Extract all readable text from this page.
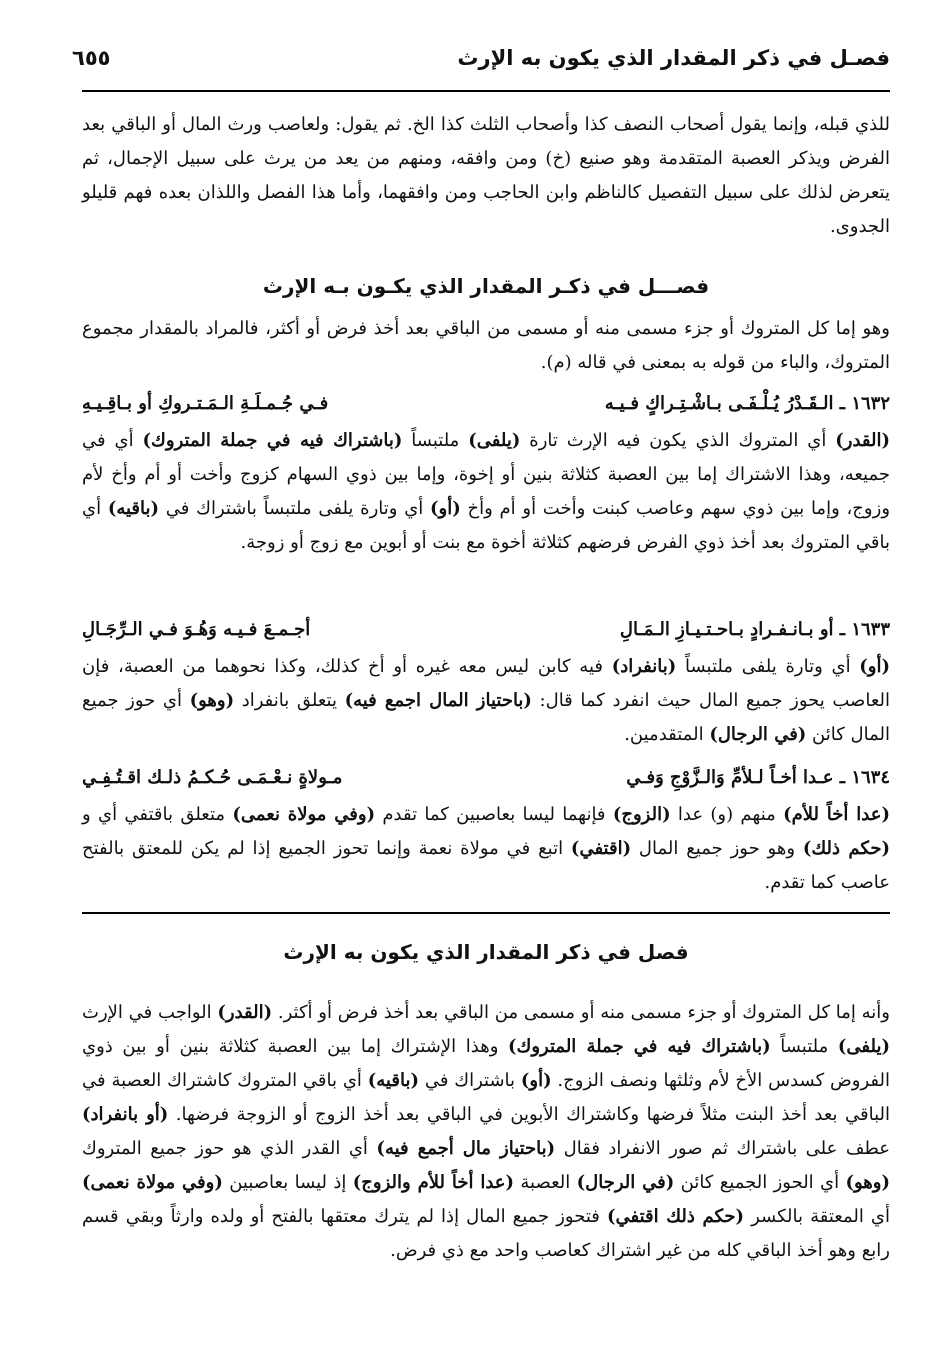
فصـل في ذكر المقدار الذي يكون به الإرث
٦٥٥

للذي قبله، وإنما يقول أصحاب النصف كذا وأصحاب الثلث كذا الخ. ثم يقول: ولعاصب ورث المال أو الباقي بعد الفرض ويذكر العصبة المتقدمة وهو صنيع (خ) ومن وافقه، ومنهم من يعد من يرث على سبيل الإجمال، ثم يتعرض لذلك على سبيل التفصيل كالناظم وابن الحاجب ومن وافقهما، وأما هذا الفصل واللذان بعده فهم قليلو الجدوى.

فصـــل في ذكـر المقدار الذي يكـون بـه الإرث

وهو إما كل المتروك أو جزء مسمى منه أو مسمى من الباقي بعد أخذ فرض أو أكثر، فالمراد بالمقدار مجموع المتروك، والباء من قوله به بمعنى في قاله (م).

١٦٣٢ ـ الـقَـدْرُ يُـلْـفَـى بـاشْـتِـراكٍ فـيـه
فـي جُـمـلَـةِ الـمَـتـروكِ أو بـاقِـيـهِ

(القدر) أي المتروك الذي يكون فيه الإرث تارة (يلفى) ملتبساً (باشتراك فيه في جملة المتروك) أي في جميعه، وهذا الاشتراك إما بين العصبة كثلاثة بنين أو إخوة، وإما بين ذوي السهام كزوج وأخت أو أم وأخ لأم وزوج، وإما بين ذوي سهم وعاصب كبنت وأخت أو أم وأخ (أو) أي وتارة يلفى ملتبساً باشتراك في (باقيه) أي باقي المتروك بعد أخذ ذوي الفرض فرضهم كثلاثة أخوة مع بنت أو أبوين مع زوج أو زوجة.

١٦٣٣ ـ أو بـانـفـرادٍ بـاحـتـيـازِ الـمَـالِ
أجـمـعَ فـيـه وَهُـوَ فـي الـرِّجَـالِ

(أو) أي وتارة يلفى ملتبساً (بانفراد) فيه كابن ليس معه غيره أو أخ كذلك، وكذا نحوهما من العصبة، فإن العاصب يحوز جميع المال حيث انفرد كما قال: (باحتياز المال اجمع فيه) يتعلق بانفراد (وهو) أي حوز جميع المال كائن (في الرجال) المتقدمين.

١٦٣٤ ـ عـدا أخـاً لـلأمِّ وَالـزَّوْجِ وَفـي
مـولاةٍ نـعْـمَـى حُـكـمُ ذلـك اقـتُـفِـي

(عدا أخاً للأم) منهم (و) عدا (الزوج) فإنهما ليسا بعاصبين كما تقدم (وفي مولاة نعمى) متعلق باقتفي أي و (حكم ذلك) وهو حوز جميع المال (اقتفي) اتبع في مولاة نعمة وإنما تحوز الجميع إذا لم يكن للمعتق بالفتح عاصب كما تقدم.

فصل في ذكر المقدار الذي يكون به الإرث

وأنه إما كل المتروك أو جزء مسمى منه أو مسمى من الباقي بعد أخذ فرض أو أكثر. (القدر) الواجب في الإرث (يلفى) ملتبساً (باشتراك فيه في جملة المتروك) وهذا الإشتراك إما بين العصبة كثلاثة بنين أو بين ذوي الفروض كسدس الأخ لأم وثلثها ونصف الزوج. (أو) باشتراك في (باقيه) أي باقي المتروك كاشتراك العصبة في الباقي بعد أخذ البنت مثلاً فرضها وكاشتراك الأبوين في الباقي بعد أخذ الزوج أو الزوجة فرضها. (أو بانفراد) عطف على باشتراك ثم صور الانفراد فقال (باحتياز مال أجمع فيه) أي القدر الذي هو حوز جميع المتروك (وهو) أي الحوز الجميع كائن (في الرجال) العصبة (عدا أخاً للأم والزوج) إذ ليسا بعاصبين (وفي مولاة نعمى) أي المعتقة بالكسر (حكم ذلك اقتفي) فتحوز جميع المال إذا لم يترك معتقها بالفتح أو ولده وارثاً وبقي قسم رابع وهو أخذ الباقي كله من غير اشتراك كعاصب واحد مع ذي فرض.
